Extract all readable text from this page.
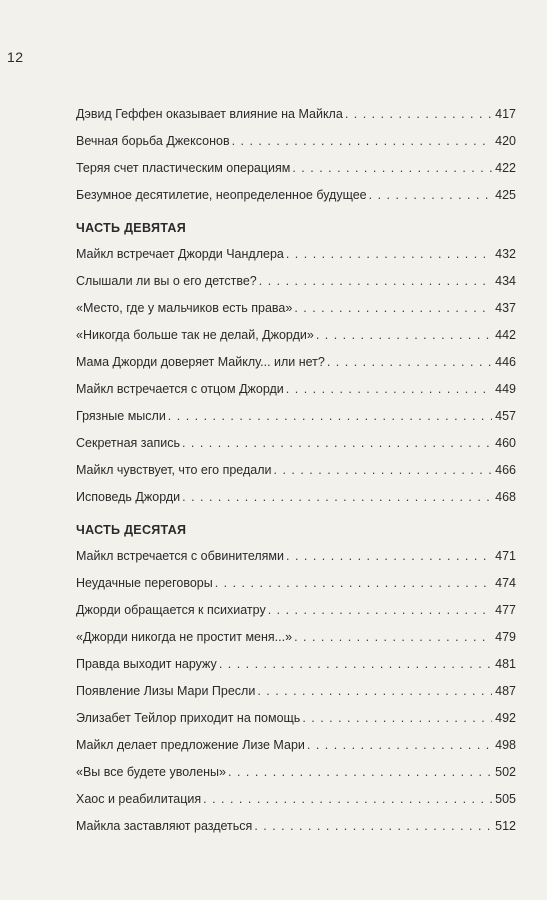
12
Дэвид Геффен оказывает влияние на Майкла . . .	417
Вечная борьба Джексонов . . .	420
Теряя счет пластическим операциям . . .	422
Безумное десятилетие, неопределенное будущее . . .	425
ЧАСТЬ ДЕВЯТАЯ
Майкл встречает Джорди Чандлера . . .	432
Слышали ли вы о его детстве? . . .	434
«Место, где у мальчиков есть права» . . .	437
«Никогда больше так не делай, Джорди» . . .	442
Мама Джорди доверяет Майклу... или нет? . . .	446
Майкл встречается с отцом Джорди . . .	449
Грязные мысли . . .	457
Секретная запись . . .	460
Майкл чувствует, что его предали . . .	466
Исповедь Джорди . . .	468
ЧАСТЬ ДЕСЯТАЯ
Майкл встречается с обвинителями . . .	471
Неудачные переговоры . . .	474
Джорди обращается к психиатру . . .	477
«Джорди никогда не простит меня...» . . .	479
Правда выходит наружу . . .	481
Появление Лизы Мари Пресли . . .	487
Элизабет Тейлор приходит на помощь . . .	492
Майкл делает предложение Лизе Мари . . .	498
«Вы все будете уволены» . . .	502
Хаос и реабилитация . . .	505
Майкла заставляют раздеться . . .	512
